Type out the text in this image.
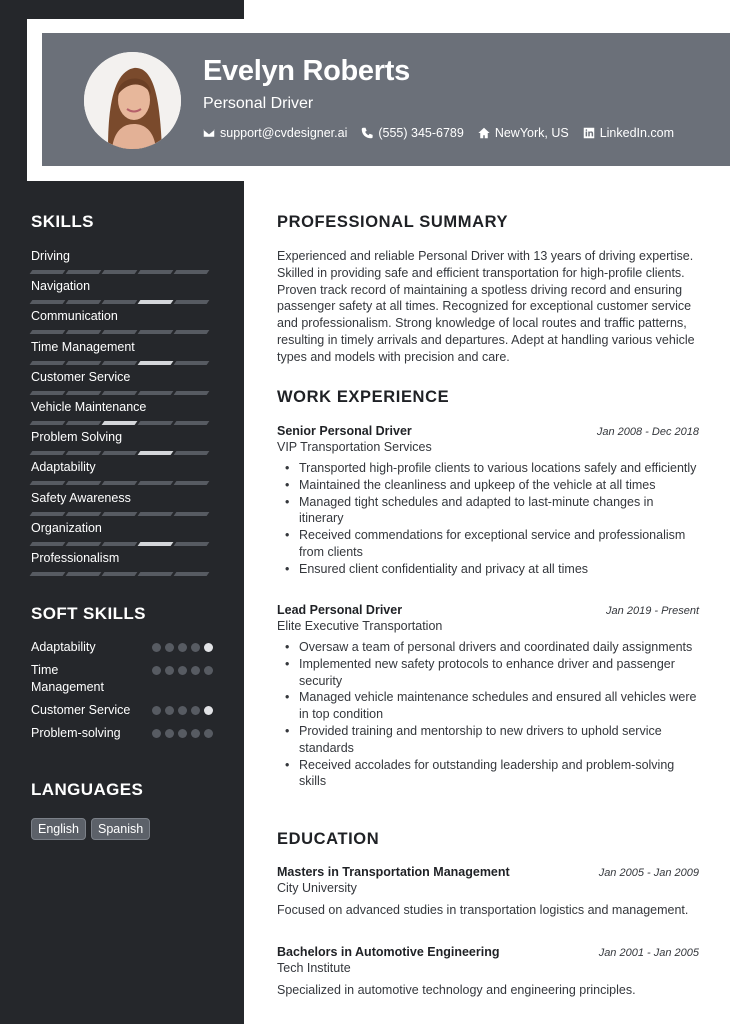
Evelyn Roberts
Personal Driver
support@cvdesigner.ai (555) 345-6789 NewYork, US LinkedIn.com
SKILLS
Driving
Navigation
Communication
Time Management
Customer Service
Vehicle Maintenance
Problem Solving
Adaptability
Safety Awareness
Organization
Professionalism
SOFT SKILLS
Adaptability
Time Management
Customer Service
Problem-solving
LANGUAGES
English	Spanish
PROFESSIONAL SUMMARY
Experienced and reliable Personal Driver with 13 years of driving expertise. Skilled in providing safe and efficient transportation for high-profile clients. Proven track record of maintaining a spotless driving record and ensuring passenger safety at all times. Recognized for exceptional customer service and professionalism. Strong knowledge of local routes and traffic patterns, resulting in timely arrivals and departures. Adept at handling various vehicle types and models with precision and care.
WORK EXPERIENCE
Senior Personal Driver	Jan 2008 - Dec 2018
VIP Transportation Services
• Transported high-profile clients to various locations safely and efficiently
• Maintained the cleanliness and upkeep of the vehicle at all times
• Managed tight schedules and adapted to last-minute changes in itinerary
• Received commendations for exceptional service and professionalism from clients
• Ensured client confidentiality and privacy at all times
Lead Personal Driver	Jan 2019 - Present
Elite Executive Transportation
• Oversaw a team of personal drivers and coordinated daily assignments
• Implemented new safety protocols to enhance driver and passenger security
• Managed vehicle maintenance schedules and ensured all vehicles were in top condition
• Provided training and mentorship to new drivers to uphold service standards
• Received accolades for outstanding leadership and problem-solving skills
EDUCATION
Masters in Transportation Management	Jan 2005 - Jan 2009
City University
Focused on advanced studies in transportation logistics and management.
Bachelors in Automotive Engineering	Jan 2001 - Jan 2005
Tech Institute
Specialized in automotive technology and engineering principles.
